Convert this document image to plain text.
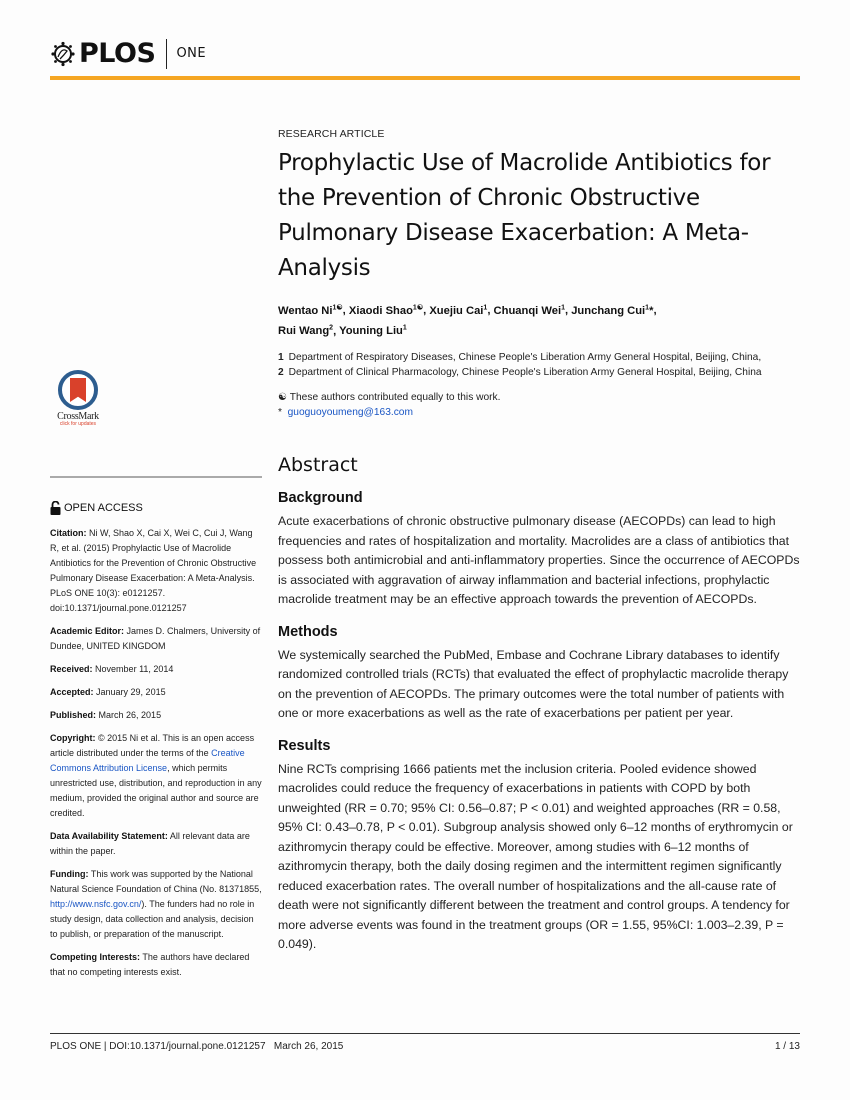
PLOS ONE
RESEARCH ARTICLE
Prophylactic Use of Macrolide Antibiotics for the Prevention of Chronic Obstructive Pulmonary Disease Exacerbation: A Meta-Analysis
Wentao $Ni^{1☯}$, Xiaodi Shao$^{1☯}$, Xuejiu Cai$^1$, Chuanqi Wei$^1$, Junchang Cui$^1$*,
Rui Wang$^2$, Youning Liu$^1$
1 Department of Respiratory Diseases, Chinese People's Liberation Army General Hospital, Beijing, China,
2 Department of Clinical Pharmacology, Chinese People's Liberation Army General Hospital, Beijing, China
☯ These authors contributed equally to this work.
* guoguoyoumeng@163.com
Abstract
Background

Acute exacerbations of chronic obstructive pulmonary disease (AECOPDs) can lead to high frequencies and rates of hospitalization and mortality. Macrolides are a class of antibiotics that possess both antimicrobial and anti-inflammatory properties. Since the occurrence of AECOPDs is associated with aggravation of airway inflammation and bacterial infections, prophylactic macrolide treatment may be an effective approach towards the prevention of AECOPDs.

Methods

We systemically searched the PubMed, Embase and Cochrane Library databases to identify randomized controlled trials (RCTs) that evaluated the effect of prophylactic macrolide therapy on the prevention of AECOPDs. The primary outcomes were the total number of patients with one or more exacerbations as well as the rate of exacerbations per patient per year.

Results

Nine RCTs comprising 1666 patients met the inclusion criteria. Pooled evidence showed macrolides could reduce the frequency of exacerbations in patients with COPD by both unweighted (RR = 0.70; 95% CI: 0.56–0.87; P < 0.01) and weighted approaches (RR = 0.58, 95% CI: 0.43–0.78, P < 0.01). Subgroup analysis showed only 6–12 months of erythromycin or azithromycin therapy could be effective. Moreover, among studies with 6–12 months of azithromycin therapy, both the daily dosing regimen and the intermittent regimen significantly reduced exacerbation rates. The overall number of hospitalizations and the all-cause rate of death were not significantly different between the treatment and control groups. A tendency for more adverse events was found in the treatment groups (OR = 1.55, 95%CI: 1.003–2.39, P = 0.049).

CrossMark
click for updates
OPEN ACCESS

Citation: Ni W, Shao X, Cai X, Wei C, Cui J, Wang R, et al. (2015) Prophylactic Use of Macrolide Antibiotics for the Prevention of Chronic Obstructive Pulmonary Disease Exacerbation: A Meta-Analysis. PLoS ONE 10(3): e0121257. doi:10.1371/journal.pone.0121257

Academic Editor: James D. Chalmers, University of Dundee, UNITED KINGDOM

Received: November 11, 2014

Accepted: January 29, 2015

Published: March 26, 2015

Copyright: © 2015 Ni et al. This is an open access article distributed under the terms of the Creative Commons Attribution License, which permits unrestricted use, distribution, and reproduction in any medium, provided the original author and source are credited.

Data Availability Statement: All relevant data are within the paper.

Funding: This work was supported by the National Natural Science Foundation of China (No. 81371855, http://www.nsfc.gov.cn/). The funders had no role in study design, data collection and analysis, decision to publish, or preparation of the manuscript.

Competing Interests: The authors have declared that no competing interests exist.

PLOS ONE | DOI:10.1371/journal.pone.0121257 March 26, 2015	1 / 13
